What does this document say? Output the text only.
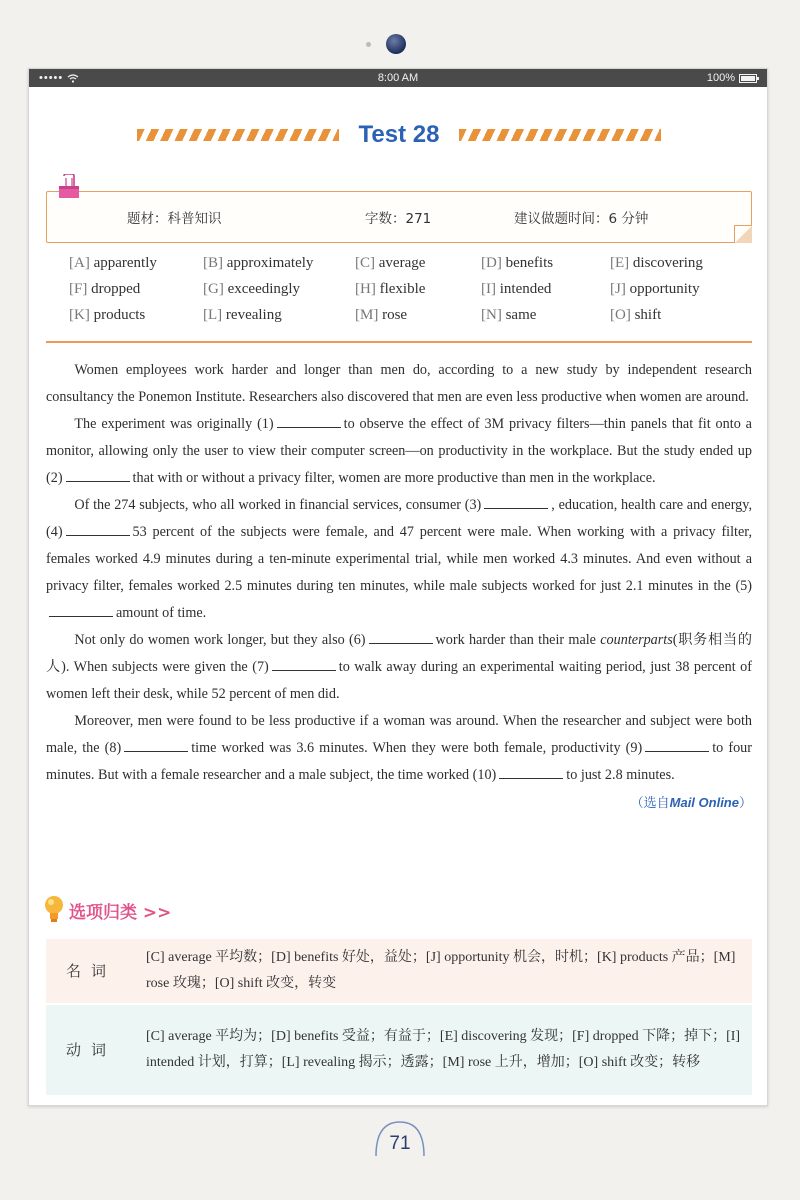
•••••	8:00 AM	100%
Test 28
题材：科普知识	字数：271	建议做题时间：6 分钟
[A] apparently	[B] approximately	[C] average	[D] benefits	[E] discovering
[F] dropped	[G] exceedingly	[H] flexible	[I] intended	[J] opportunity
[K] products	[L] revealing	[M] rose	[N] same	[O] shift

Women employees work harder and longer than men do, according to a new study by independent research consultancy the Ponemon Institute. Researchers also discovered that men are even less productive when women are around.

The experiment was originally (1)	to observe the effect of 3M privacy filters—thin panels that fit onto a monitor, allowing only the user to view their computer screen—on productivity in the workplace. But the study ended up (2)	that with or without a privacy filter, women are more productive than men in the workplace.

Of the 274 subjects, who all worked in financial services, consumer (3)	, education, health care and energy, (4)	53 percent of the subjects were female, and 47 percent were male. When working with a privacy filter, females worked 4.9 minutes during a ten-minute experimental trial, while men worked 4.3 minutes. And even without a privacy filter, females worked 2.5 minutes during ten minutes, while male subjects worked for just 2.1 minutes in the (5)amount of time.

Not only do women work longer, but they also (6)	work harder than their male counterparts(职务相当的人). When subjects were given the (7)	to walk away during an experimental waiting period, just 38 percent of women left their desk, while 52 percent of men did.

Moreover, men were found to be less productive if a woman was around. When the researcher and subject were both male, the (8)	time worked was 3.6 minutes. When they were both female, productivity (9)	to four minutes. But with a female researcher and a male subject, the time worked (10)	to just 2.8 minutes.
（选自Mail Online）

选项归类 >>
名词
[C] average 平均数；[D] benefits 好处，益处；[J] opportunity 机会，时机；[K] products 产品；[M] rose 玫瑰；[O] shift 改变，转变
动词
[C] average 平均为；[D] benefits 受益；有益于；[E] discovering 发现；[F] dropped 下降；掉下；[I] intended 计划，打算；[L] revealing 揭示；透露；[M] rose 上升，增加；[O] shift 改变；转移
71
